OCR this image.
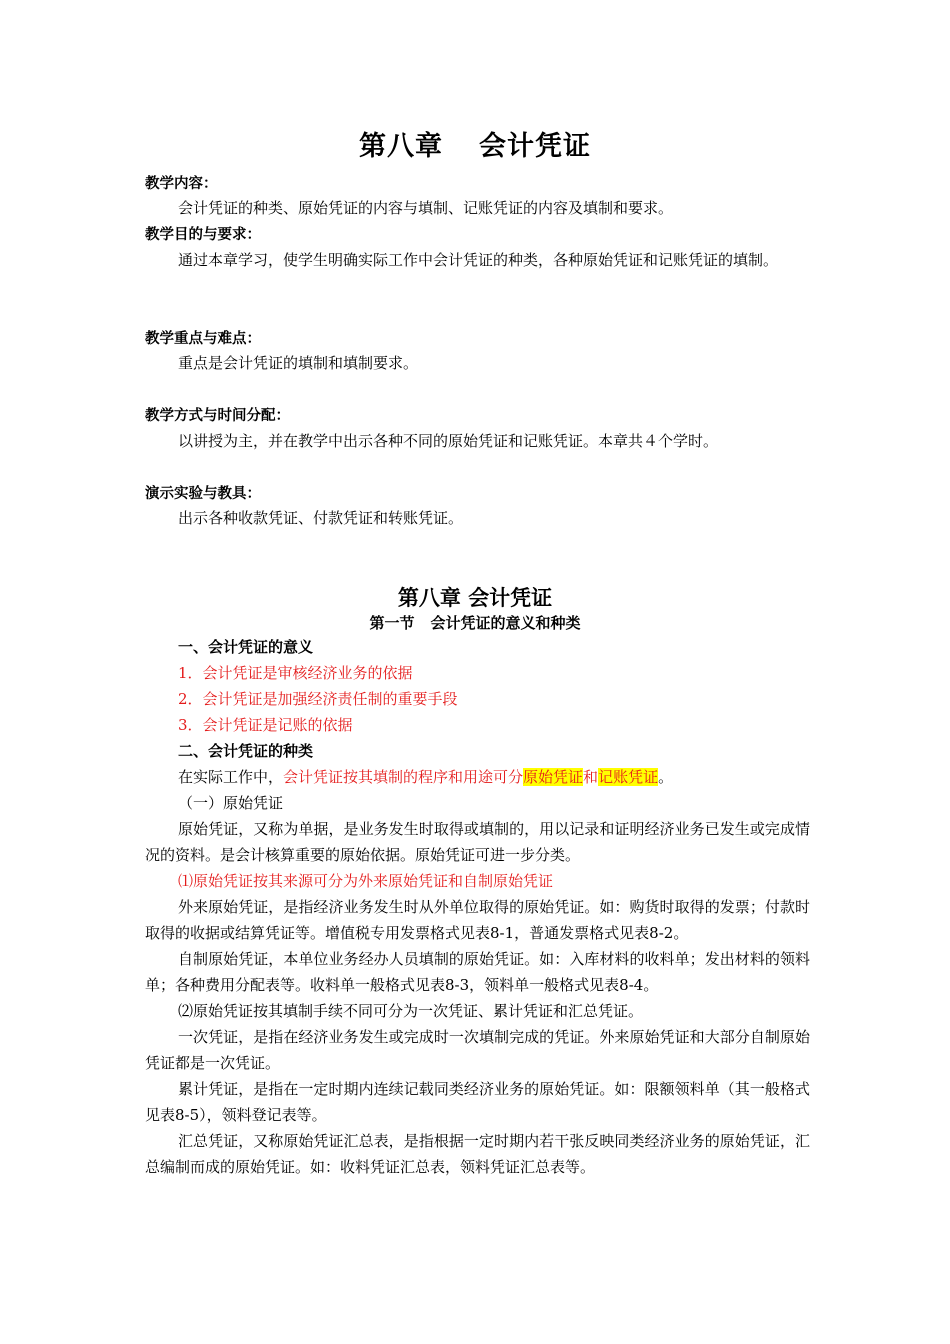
第八章 会计凭证
教学内容：
会计凭证的种类、原始凭证的内容与填制、记账凭证的内容及填制和要求。
教学目的与要求：
通过本章学习，使学生明确实际工作中会计凭证的种类，各种原始凭证和记账凭证的填制。
教学重点与难点：
重点是会计凭证的填制和填制要求。
教学方式与时间分配：
以讲授为主，并在教学中出示各种不同的原始凭证和记账凭证。本章共４个学时。
演示实验与教具：
出示各种收款凭证、付款凭证和转账凭证。
第八章 会计凭证
第一节 会计凭证的意义和种类
一、会计凭证的意义
1．会计凭证是审核经济业务的依据
2．会计凭证是加强经济责任制的重要手段
3．会计凭证是记账的依据
二、会计凭证的种类
在实际工作中，会计凭证按其填制的程序和用途可分原始凭证和记账凭证。
（一）原始凭证
原始凭证，又称为单据，是业务发生时取得或填制的，用以记录和证明经济业务已发生或完成情况的资料。是会计核算重要的原始依据。原始凭证可进一步分类。
⑴原始凭证按其来源可分为外来原始凭证和自制原始凭证
外来原始凭证，是指经济业务发生时从外单位取得的原始凭证。如：购货时取得的发票；付款时取得的收据或结算凭证等。增值税专用发票格式见表8-1，普通发票格式见表8-2。
自制原始凭证，本单位业务经办人员填制的原始凭证。如：入库材料的收料单；发出材料的领料单；各种费用分配表等。收料单一般格式见表8-3，领料单一般格式见表8-4。
⑵原始凭证按其填制手续不同可分为一次凭证、累计凭证和汇总凭证。
一次凭证，是指在经济业务发生或完成时一次填制完成的凭证。外来原始凭证和大部分自制原始凭证都是一次凭证。
累计凭证，是指在一定时期内连续记载同类经济业务的原始凭证。如：限额领料单（其一般格式见表8-5），领料登记表等。
汇总凭证，又称原始凭证汇总表，是指根据一定时期内若干张反映同类经济业务的原始凭证，汇总编制而成的原始凭证。如：收料凭证汇总表，领料凭证汇总表等。
